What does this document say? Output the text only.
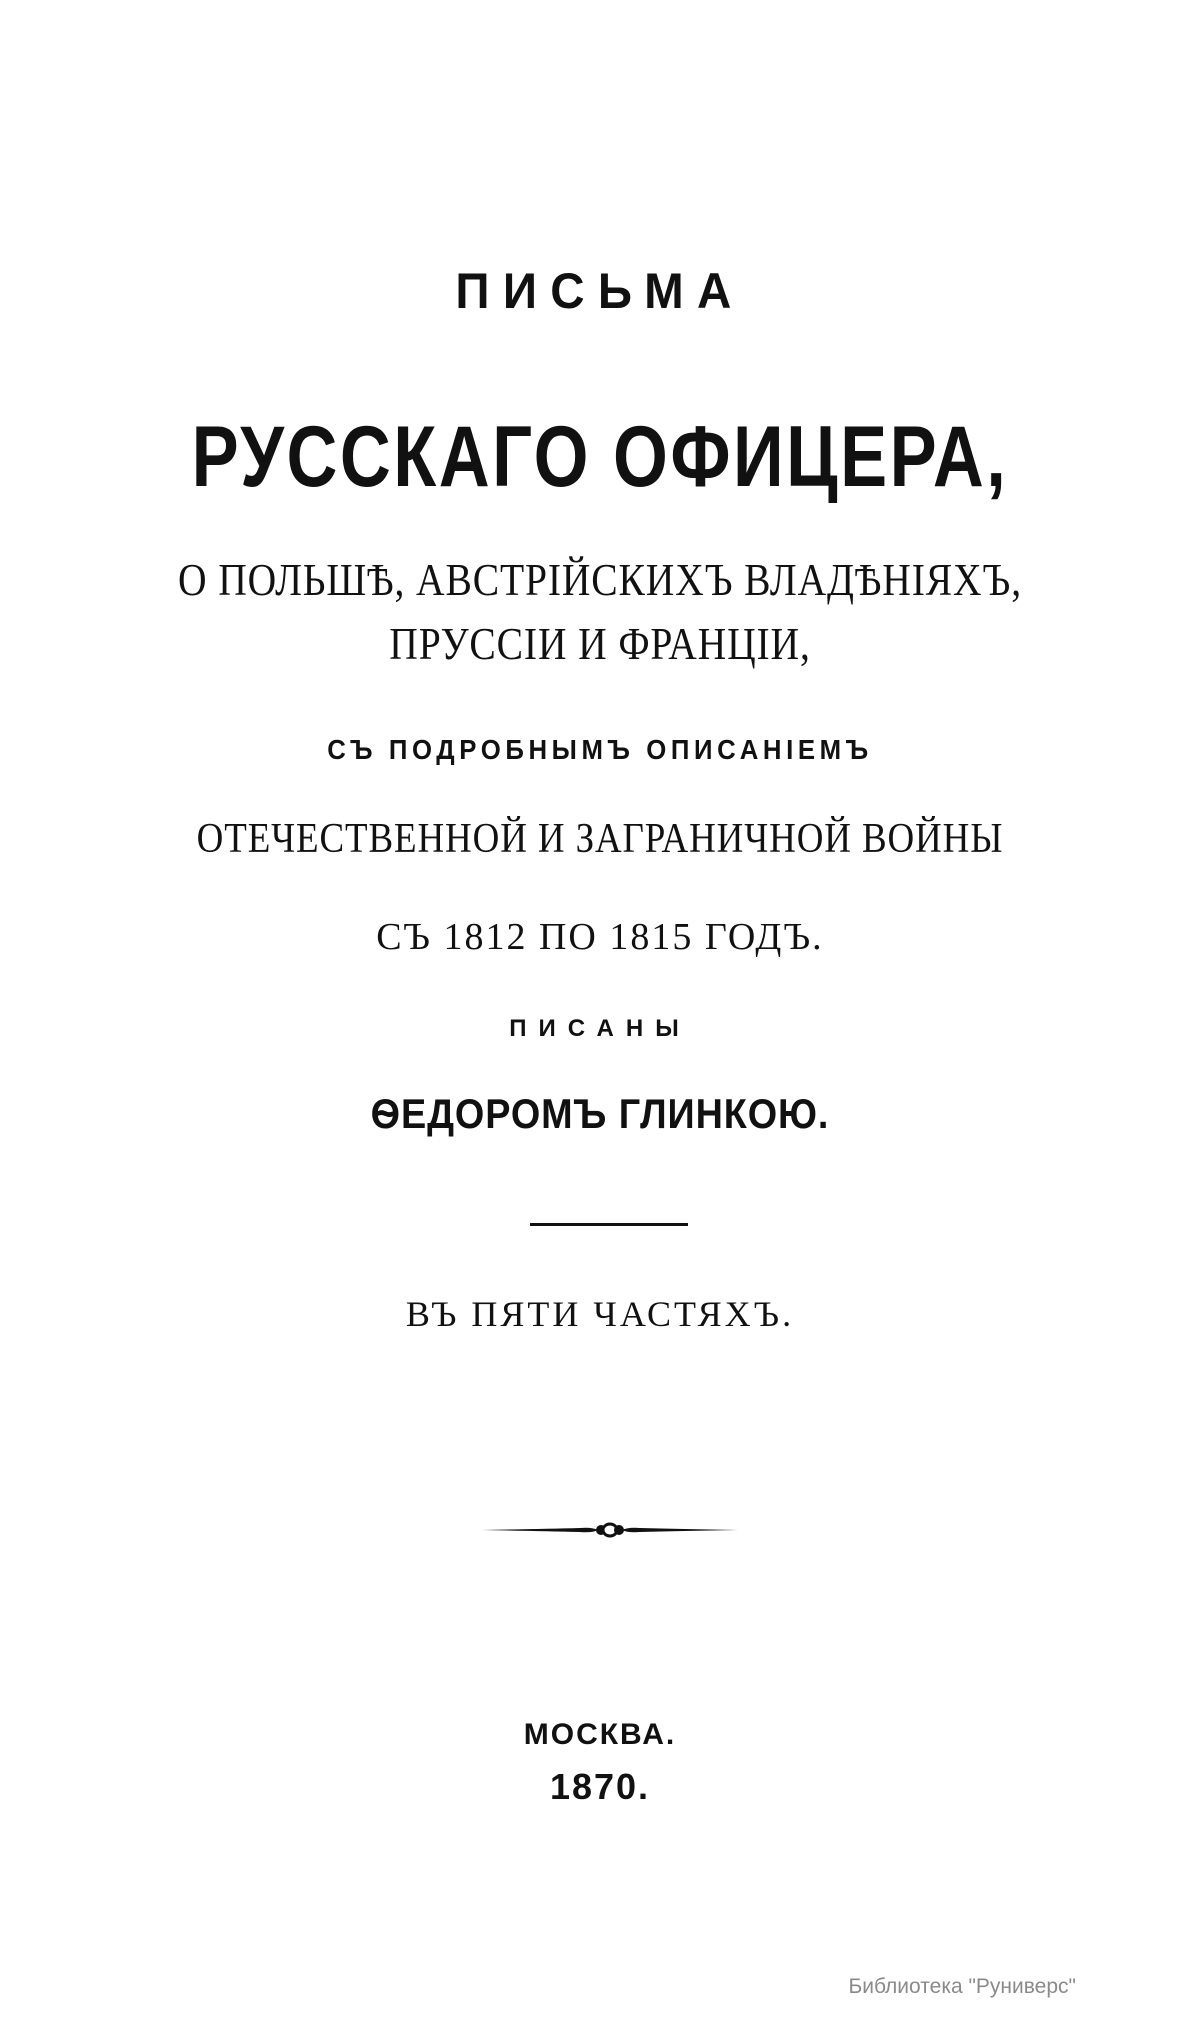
ПИСЬМА
РУССКАГО ОФИЦЕРА,
О ПОЛЬШѢ, АВСТРІЙСКИХЪ ВЛАДѢНІЯХЪ,
ПРУССІИ И ФРАНЦІИ,
СЪ ПОДРОБНЫМЪ ОПИСАНІЕМЪ
ОТЕЧЕСТВЕННОЙ И ЗАГРАНИЧНОЙ ВОЙНЫ
СЪ 1812 ПО 1815 ГОДЪ.
ПИСАНЫ
ѲЕДОРОМЪ ГЛИНКОЮ.
ВЪ ПЯТИ ЧАСТЯХЪ.
МОСКВА.
1870.
Библиотека "Руниверс"
